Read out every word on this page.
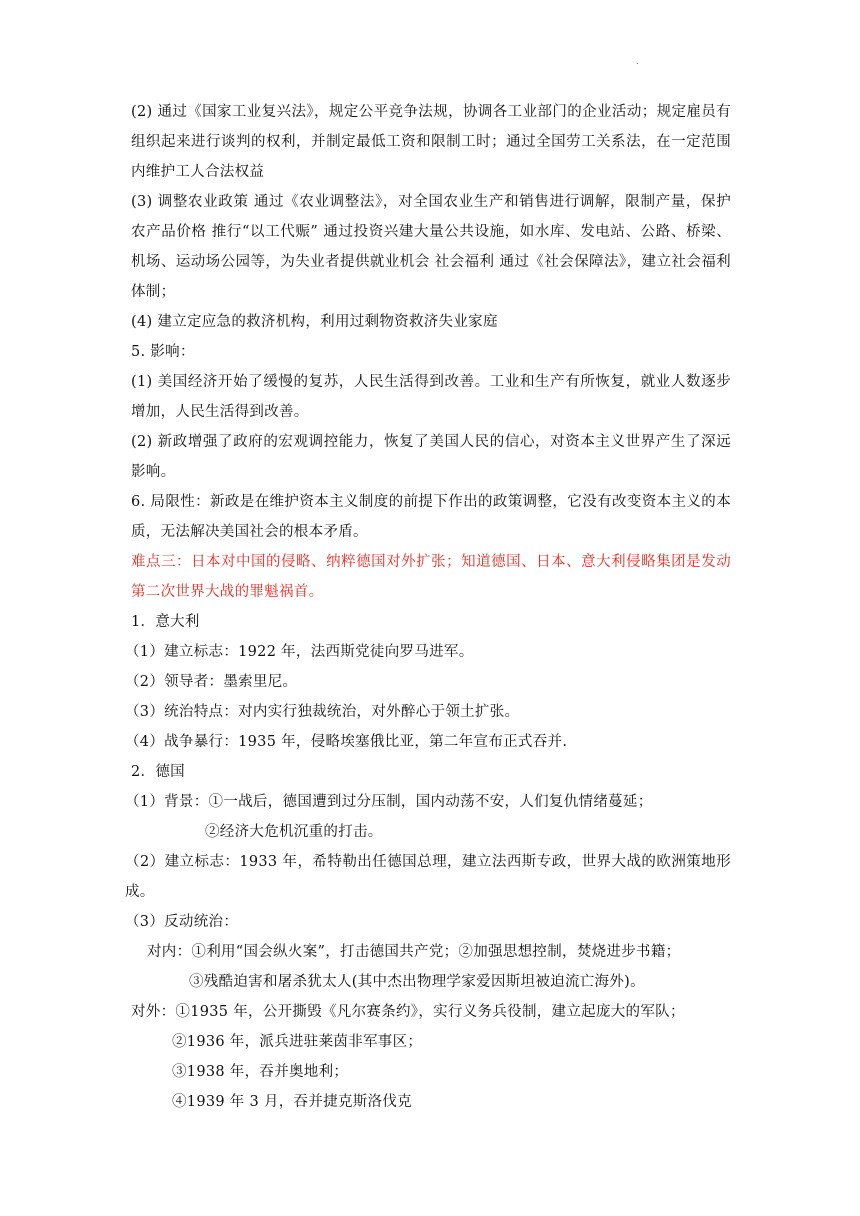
.

(2) 通过《国家工业复兴法》，规定公平竞争法规，协调各工业部门的企业活动；规定雇员有组织起来进行谈判的权利，并制定最低工资和限制工时；通过全国劳工关系法，在一定范围内维护工人合法权益

(3) 调整农业政策 通过《农业调整法》，对全国农业生产和销售进行调解，限制产量，保护农产品价格 推行“以工代赈” 通过投资兴建大量公共设施，如水库、发电站、公路、桥梁、机场、运动场公园等，为失业者提供就业机会 社会福利 通过《社会保障法》，建立社会福利体制；

(4) 建立定应急的救济机构，利用过剩物资救济失业家庭

5. 影响：

(1) 美国经济开始了缓慢的复苏，人民生活得到改善。工业和生产有所恢复，就业人数逐步增加，人民生活得到改善。

(2) 新政增强了政府的宏观调控能力，恢复了美国人民的信心，对资本主义世界产生了深远影响。

6. 局限性：新政是在维护资本主义制度的前提下作出的政策调整，它没有改变资本主义的本质，无法解决美国社会的根本矛盾。

难点三：日本对中国的侵略、纳粹德国对外扩张；知道德国、日本、意大利侵略集团是发动第二次世界大战的罪魁祸首。

1．意大利

（1）建立标志：1922 年，法西斯党徒向罗马进军。

（2）领导者：墨索里尼。

（3）统治特点：对内实行独裁统治，对外醉心于领土扩张。

（4）战争暴行：1935 年，侵略埃塞俄比亚，第二年宣布正式吞并.

2．德国

（1）背景：①一战后，德国遭到过分压制，国内动荡不安，人们复仇情绪蔓延；

②经济大危机沉重的打击。

（2）建立标志：1933 年，希特勒出任德国总理，建立法西斯专政，世界大战的欧洲策地形成。

（3）反动统治：

对内：①利用“国会纵火案”，打击德国共产党；②加强思想控制，焚烧进步书籍；

③残酷迫害和屠杀犹太人(其中杰出物理学家爱因斯坦被迫流亡海外)。

对外：①1935 年，公开撕毁《凡尔赛条约》，实行义务兵役制，建立起庞大的军队；

②1936 年，派兵进驻莱茵非军事区；

③1938 年，吞并奥地利；

④1939 年 3 月，吞并捷克斯洛伐克
